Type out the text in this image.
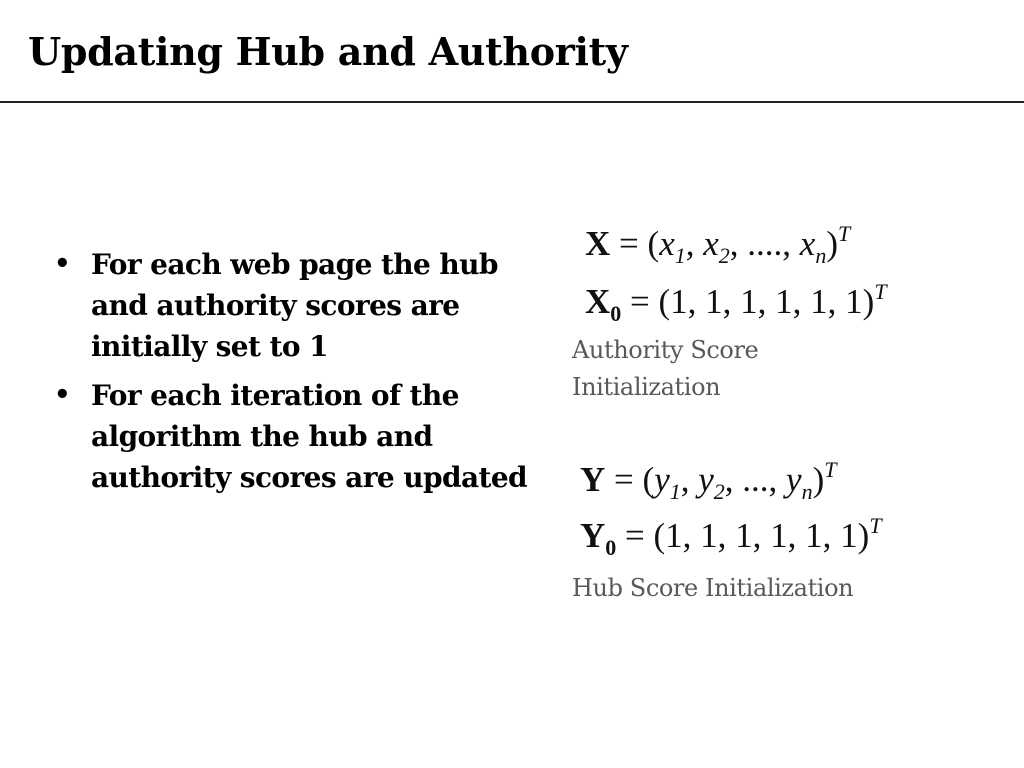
Updating Hub and Authority
• For each web page the hub and authority scores are initially set to 1
• For each iteration of the algorithm the hub and authority scores are updated
$X = (x_1$, $x_2$, ...., $x_n)^T$
$X_0 = (1$, 1, 1, 1, 1, 1)$^T$
Authority Score Initialization
$Y = (y_1$, $y_2$, ..., $y_n)^T$
$Y_0 = (1$, 1, 1, 1, 1, 1)$^T$
Hub Score Initialization
